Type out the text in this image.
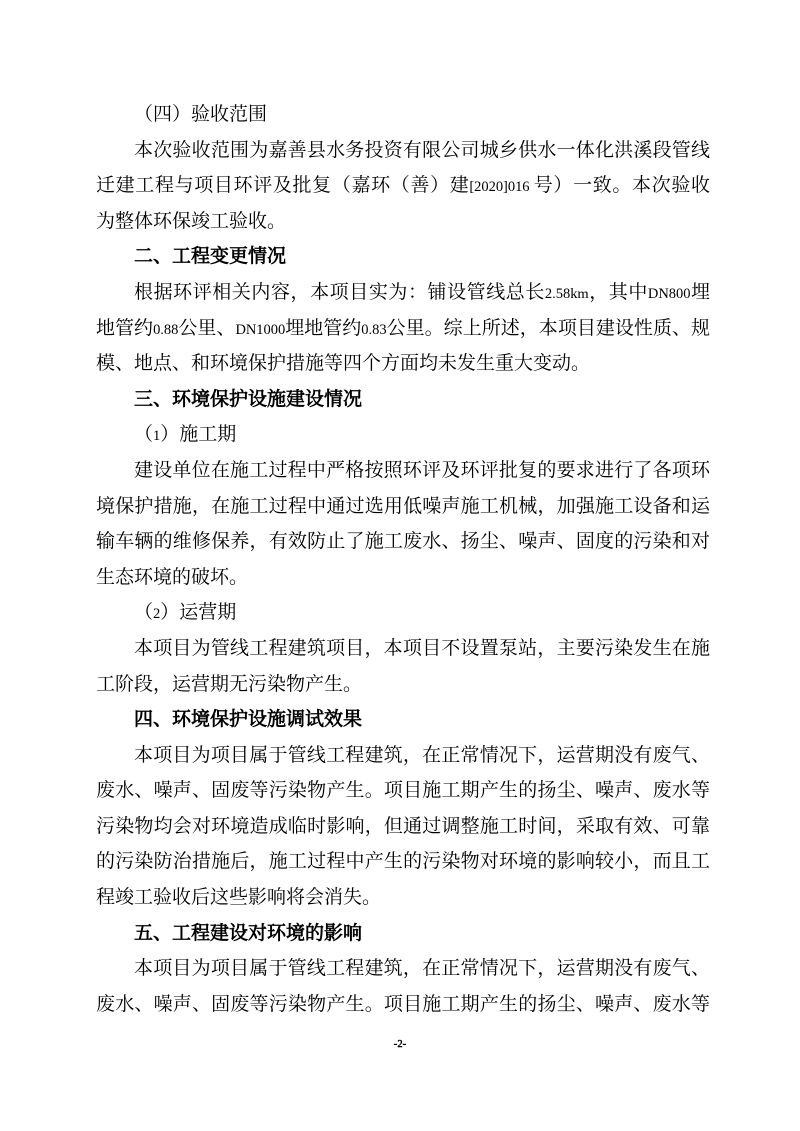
（四）验收范围

本次验收范围为嘉善县水务投资有限公司城乡供水一体化洪溪段管线迁建工程与项目环评及批复（嘉环（善）建[2020]016 号）一致。本次验收为整体环保竣工验收。

二、工程变更情况

根据环评相关内容，本项目实为：铺设管线总长2.58km，其中DN800埋地管约0.88公里、DN1000埋地管约0.83公里。综上所述，本项目建设性质、规模、地点、和环境保护措施等四个方面均未发生重大变动。

三、环境保护设施建设情况

（1）施工期

建设单位在施工过程中严格按照环评及环评批复的要求进行了各项环境保护措施，在施工过程中通过选用低噪声施工机械，加强施工设备和运输车辆的维修保养，有效防止了施工废水、扬尘、噪声、固度的污染和对生态环境的破坏。

（2）运营期

本项目为管线工程建筑项目，本项目不设置泵站，主要污染发生在施工阶段，运营期无污染物产生。

四、环境保护设施调试效果

本项目为项目属于管线工程建筑，在正常情况下，运营期没有废气、废水、噪声、固废等污染物产生。项目施工期产生的扬尘、噪声、废水等污染物均会对环境造成临时影响，但通过调整施工时间，采取有效、可靠的污染防治措施后，施工过程中产生的污染物对环境的影响较小，而且工程竣工验收后这些影响将会消失。

五、工程建设对环境的影响

本项目为项目属于管线工程建筑，在正常情况下，运营期没有废气、废水、噪声、固废等污染物产生。项目施工期产生的扬尘、噪声、废水等

-2-
